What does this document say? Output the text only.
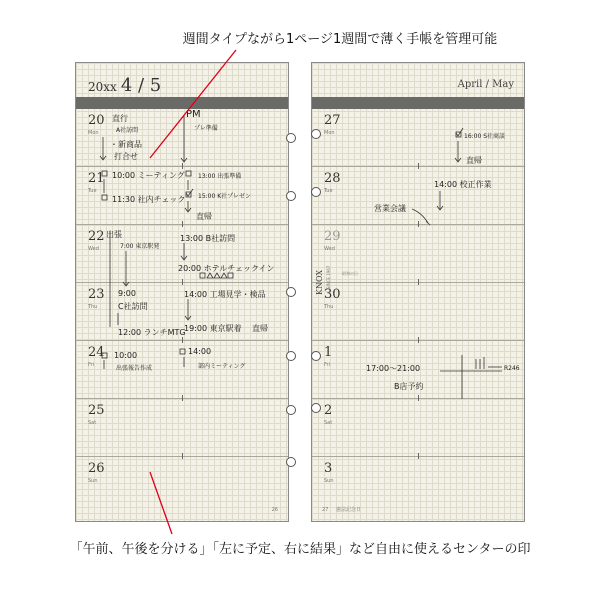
週間タイプながら1ページ1週間で薄く手帳を管理可能
20xx 4 / 5
20
Mon
21
Tue
22
Wed
23
Thu
24
Fri
25
Sat
26
Sun
直行
A社訪問
・新商品
打合せ
PM
プレ準備
10:00 ミーティング 13:00 出張準備
11:30 社内チェック 15:00 K社プレゼン
直帰
出張
7:00 東京駅発
13:00 B社訪問
20:00 ホテルチェックイン
9:00
C社訪問
14:00 工場見学・検品
12:00 ランチMTG
19:00 東京駅着 直帰
10:00
出張報告作成
14:00
部内ミーティング
26
April / May
27
Mon
28
Tue
29
Wed
30
Thu
1
Fri
2
Sat
3
Sun
KNOX SINCE 1967	昭和の日
16:00 S社商談
直帰
14:00 校正作業
営業会議
17:00〜21:00
B店予約
R246
27 憲法記念日
「午前、午後を分ける」「左に予定、右に結果」など自由に使えるセンターの印
